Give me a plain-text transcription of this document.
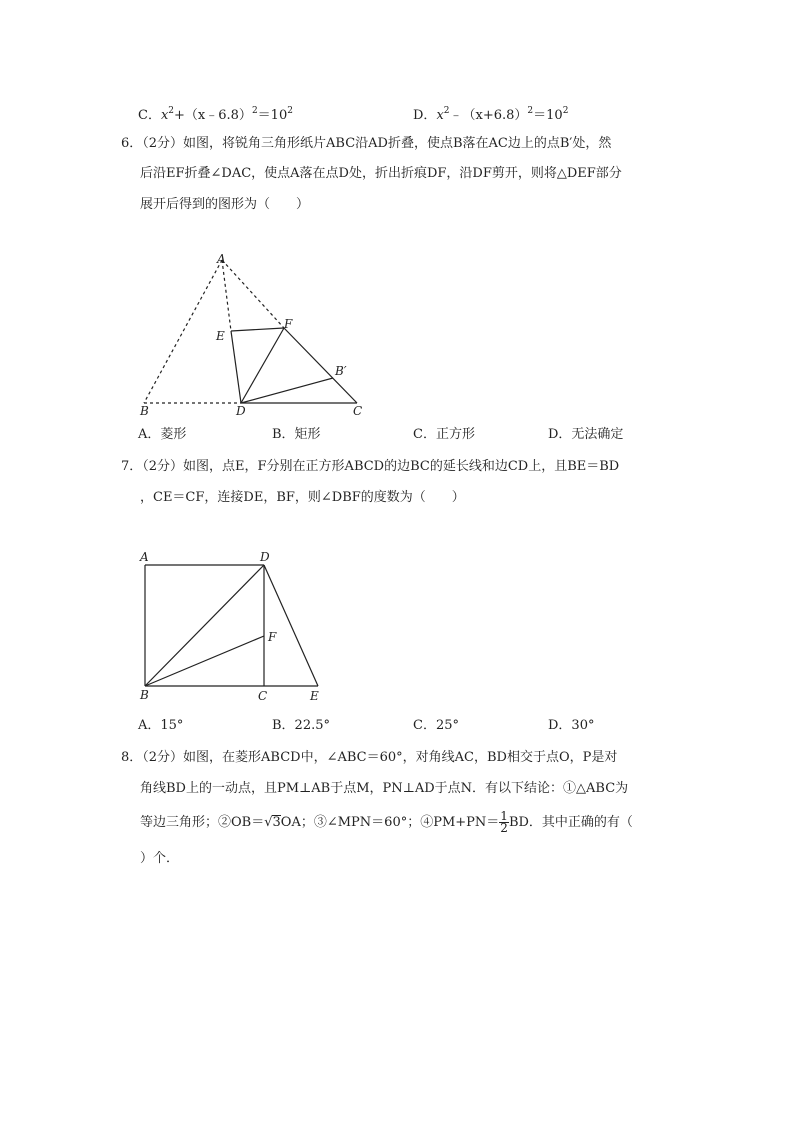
C．$x^2+(x﹣6.8)^2=10^2$	D．$x^2﹣(x+6.8)^2=10^2$
6．（2分）如图，将锐角三角形纸片ABC沿AD折叠，使点B落在AC边上的点B′处，然
后沿EF折叠∠DAC，使点A落在点D处，折出折痕DF，沿DF剪开，则将△DEF部分
展开后得到的图形为（　　）
A
B	C
D
E
F
B′
A．菱形	B．矩形	C．正方形	D．无法确定
7．（2分）如图，点E，F分别在正方形ABCD的边BC的延长线和边CD上，且BE＝BD
，CE＝CF，连接DE，BF，则∠DBF的度数为（　　）
A	D
B	C	E
F
A．15°	B．22.5°	C．25°	D．30°
8．（2分）如图，在菱形ABCD中，∠ABC＝60°，对角线AC，BD相交于点O，P是对
角线BD上的一动点，且PM⊥AB于点M，PN⊥AD于点N．有以下结论：①△ABC为
等边三角形；②OB＝√3OA；③∠MPN＝60°；④PM+PN＝ $\frac{1}{2}$ BD．其中正确的有（
）个．
